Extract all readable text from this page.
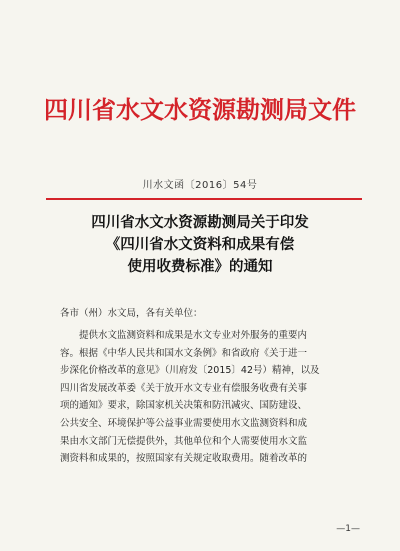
四川省水文水资源勘测局文件
川水文函〔2016〕54号
四川省水文水资源勘测局关于印发
《四川省水文资料和成果有偿
使用收费标准》的通知
各市（州）水文局，各有关单位：
提供水文监测资料和成果是水文专业对外服务的重要内
容。根据《中华人民共和国水文条例》和省政府《关于进一
步深化价格改革的意见》（川府发〔2015〕42号）精神，以及
四川省发展改革委《关于放开水文专业有偿服务收费有关事
项的通知》要求，除国家机关决策和防汛减灾、国防建设、
公共安全、环境保护等公益事业需要使用水文监测资料和成
果由水文部门无偿提供外，其他单位和个人需要使用水文监
测资料和成果的，按照国家有关规定收取费用。随着改革的
—1—
